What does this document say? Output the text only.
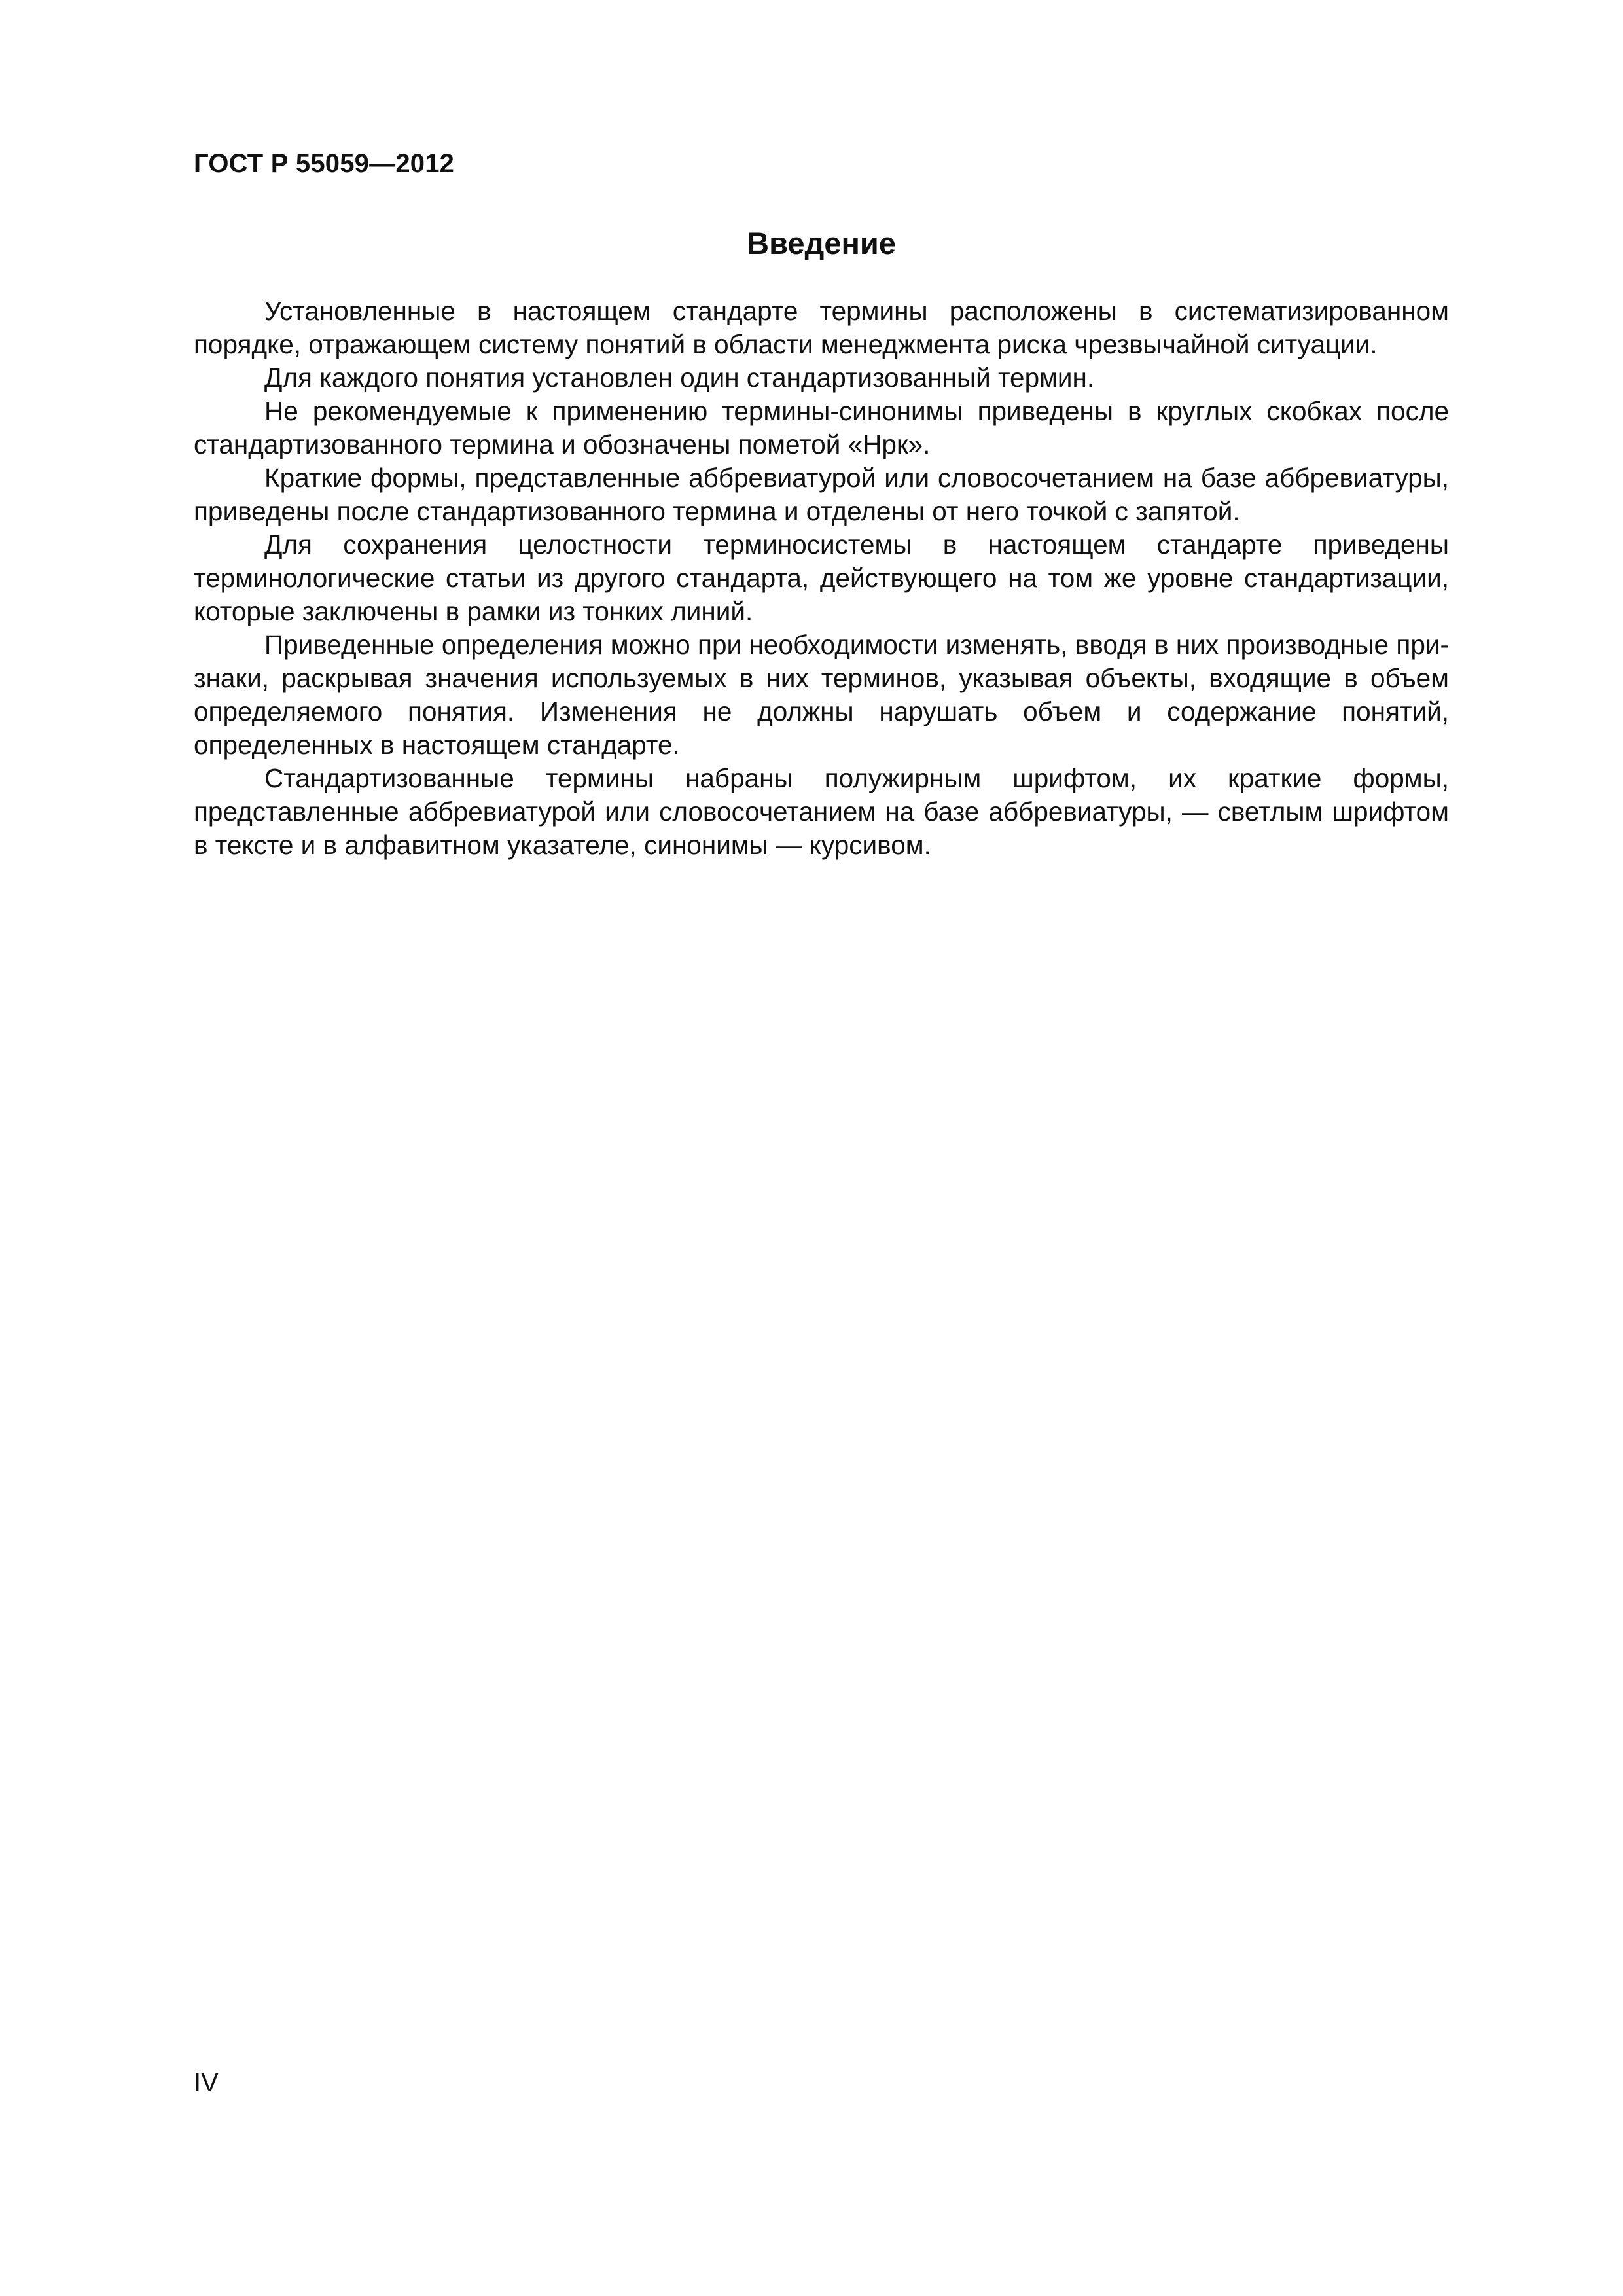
ГОСТ Р 55059—2012
Введение

Установленные в настоящем стандарте термины расположены в систематизированном порядке, отражающем систему понятий в области менеджмента риска чрезвычайной ситуации.

Для каждого понятия установлен один стандартизованный термин.

Не рекомендуемые к применению термины-синонимы приведены в круглых скобках после стандартизованного термина и обозначены пометой «Нрк».

Краткие формы, представленные аббревиатурой или словосочетанием на базе аббревиатуры, приведены после стандартизованного термина и отделены от него точкой с запятой.

Для сохранения целостности терминосистемы в настоящем стандарте приведены терминологические статьи из другого стандарта, действующего на том же уровне стандартизации, которые заключены в рамки из тонких линий.

Приведенные определения можно при необходимости изменять, вводя в них производные признаки, раскрывая значения используемых в них терминов, указывая объекты, входящие в объем определяемого понятия. Изменения не должны нарушать объем и содержание понятий, определенных в настоящем стандарте.

Стандартизованные термины набраны полужирным шрифтом, их краткие формы, представленные аббревиатурой или словосочетанием на базе аббревиатуры, — светлым шрифтом в тексте и в алфавитном указателе, синонимы — курсивом.

IV
